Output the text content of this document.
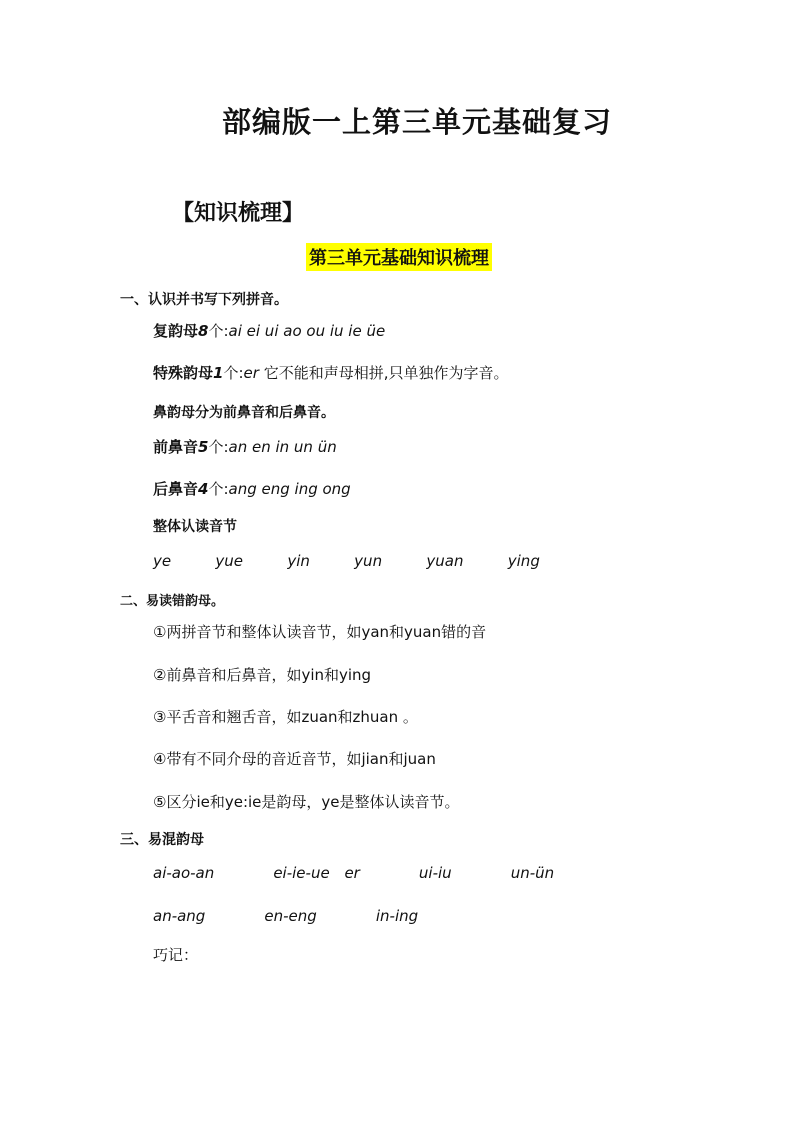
部编版一上第三单元基础复习
【知识梳理】
第三单元基础知识梳理
一、认识并书写下列拼音。
复韵母8个:ai ei ui ao ou iu ie üe
特殊韵母1个:er 它不能和声母相拼,只单独作为字音。
鼻韵母分为前鼻音和后鼻音。
前鼻音5个:an en in un ün
后鼻音4个:ang eng ing ong
整体认读音节
ye   yue   yin   yun   yuan   ying
二、易读错韵母。
①两拼音节和整体认读音节，如yan和yuan错的音
②前鼻音和后鼻音，如yin和ying
③平舌音和翘舌音，如zuan和zhuan 。
④带有不同介母的音近音节，如jian和juan
⑤区分ie和ye:ie是韵母，ye是整体认读音节。
三、易混韵母
ai-ao-an    ei-ie-ue er    ui-iu    un-ün
an-ang    en-eng    in-ing
巧记：
